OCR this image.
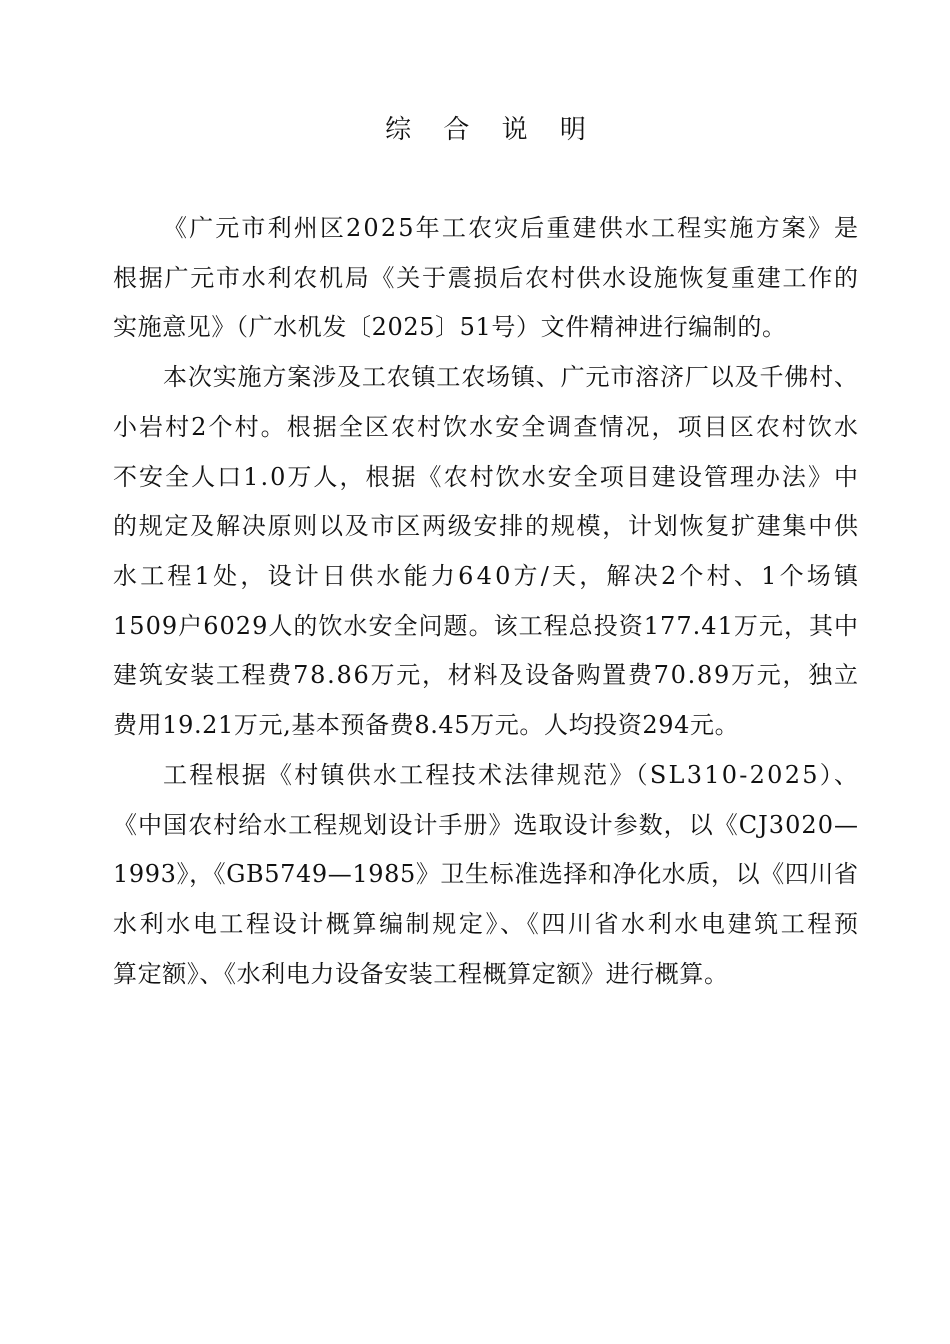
综 合 说 明
《广元市利州区2025年工农灾后重建供水工程实施方案》是
根据广元市水利农机局《关于震损后农村供水设施恢复重建工作的
实施意见》（广水机发〔2025〕51号）文件精神进行编制的。
本次实施方案涉及工农镇工农场镇、广元市溶济厂以及千佛村、
小岩村2个村。根据全区农村饮水安全调查情况，项目区农村饮水
不安全人口1.0万人，根据《农村饮水安全项目建设管理办法》中
的规定及解决原则以及市区两级安排的规模，计划恢复扩建集中供
水工程1处，设计日供水能力640方/天，解决2个村、1个场镇
1509户6029人的饮水安全问题。该工程总投资177.41万元，其中
建筑安装工程费78.86万元，材料及设备购置费70.89万元，独立
费用19.21万元,基本预备费8.45万元。人均投资294元。
工程根据《村镇供水工程技术法律规范》（SL310-2025）、
《中国农村给水工程规划设计手册》选取设计参数，以《CJ3020—
1993》，《GB5749—1985》卫生标准选择和净化水质，以《四川省
水利水电工程设计概算编制规定》、《四川省水利水电建筑工程预
算定额》、《水利电力设备安装工程概算定额》进行概算。
